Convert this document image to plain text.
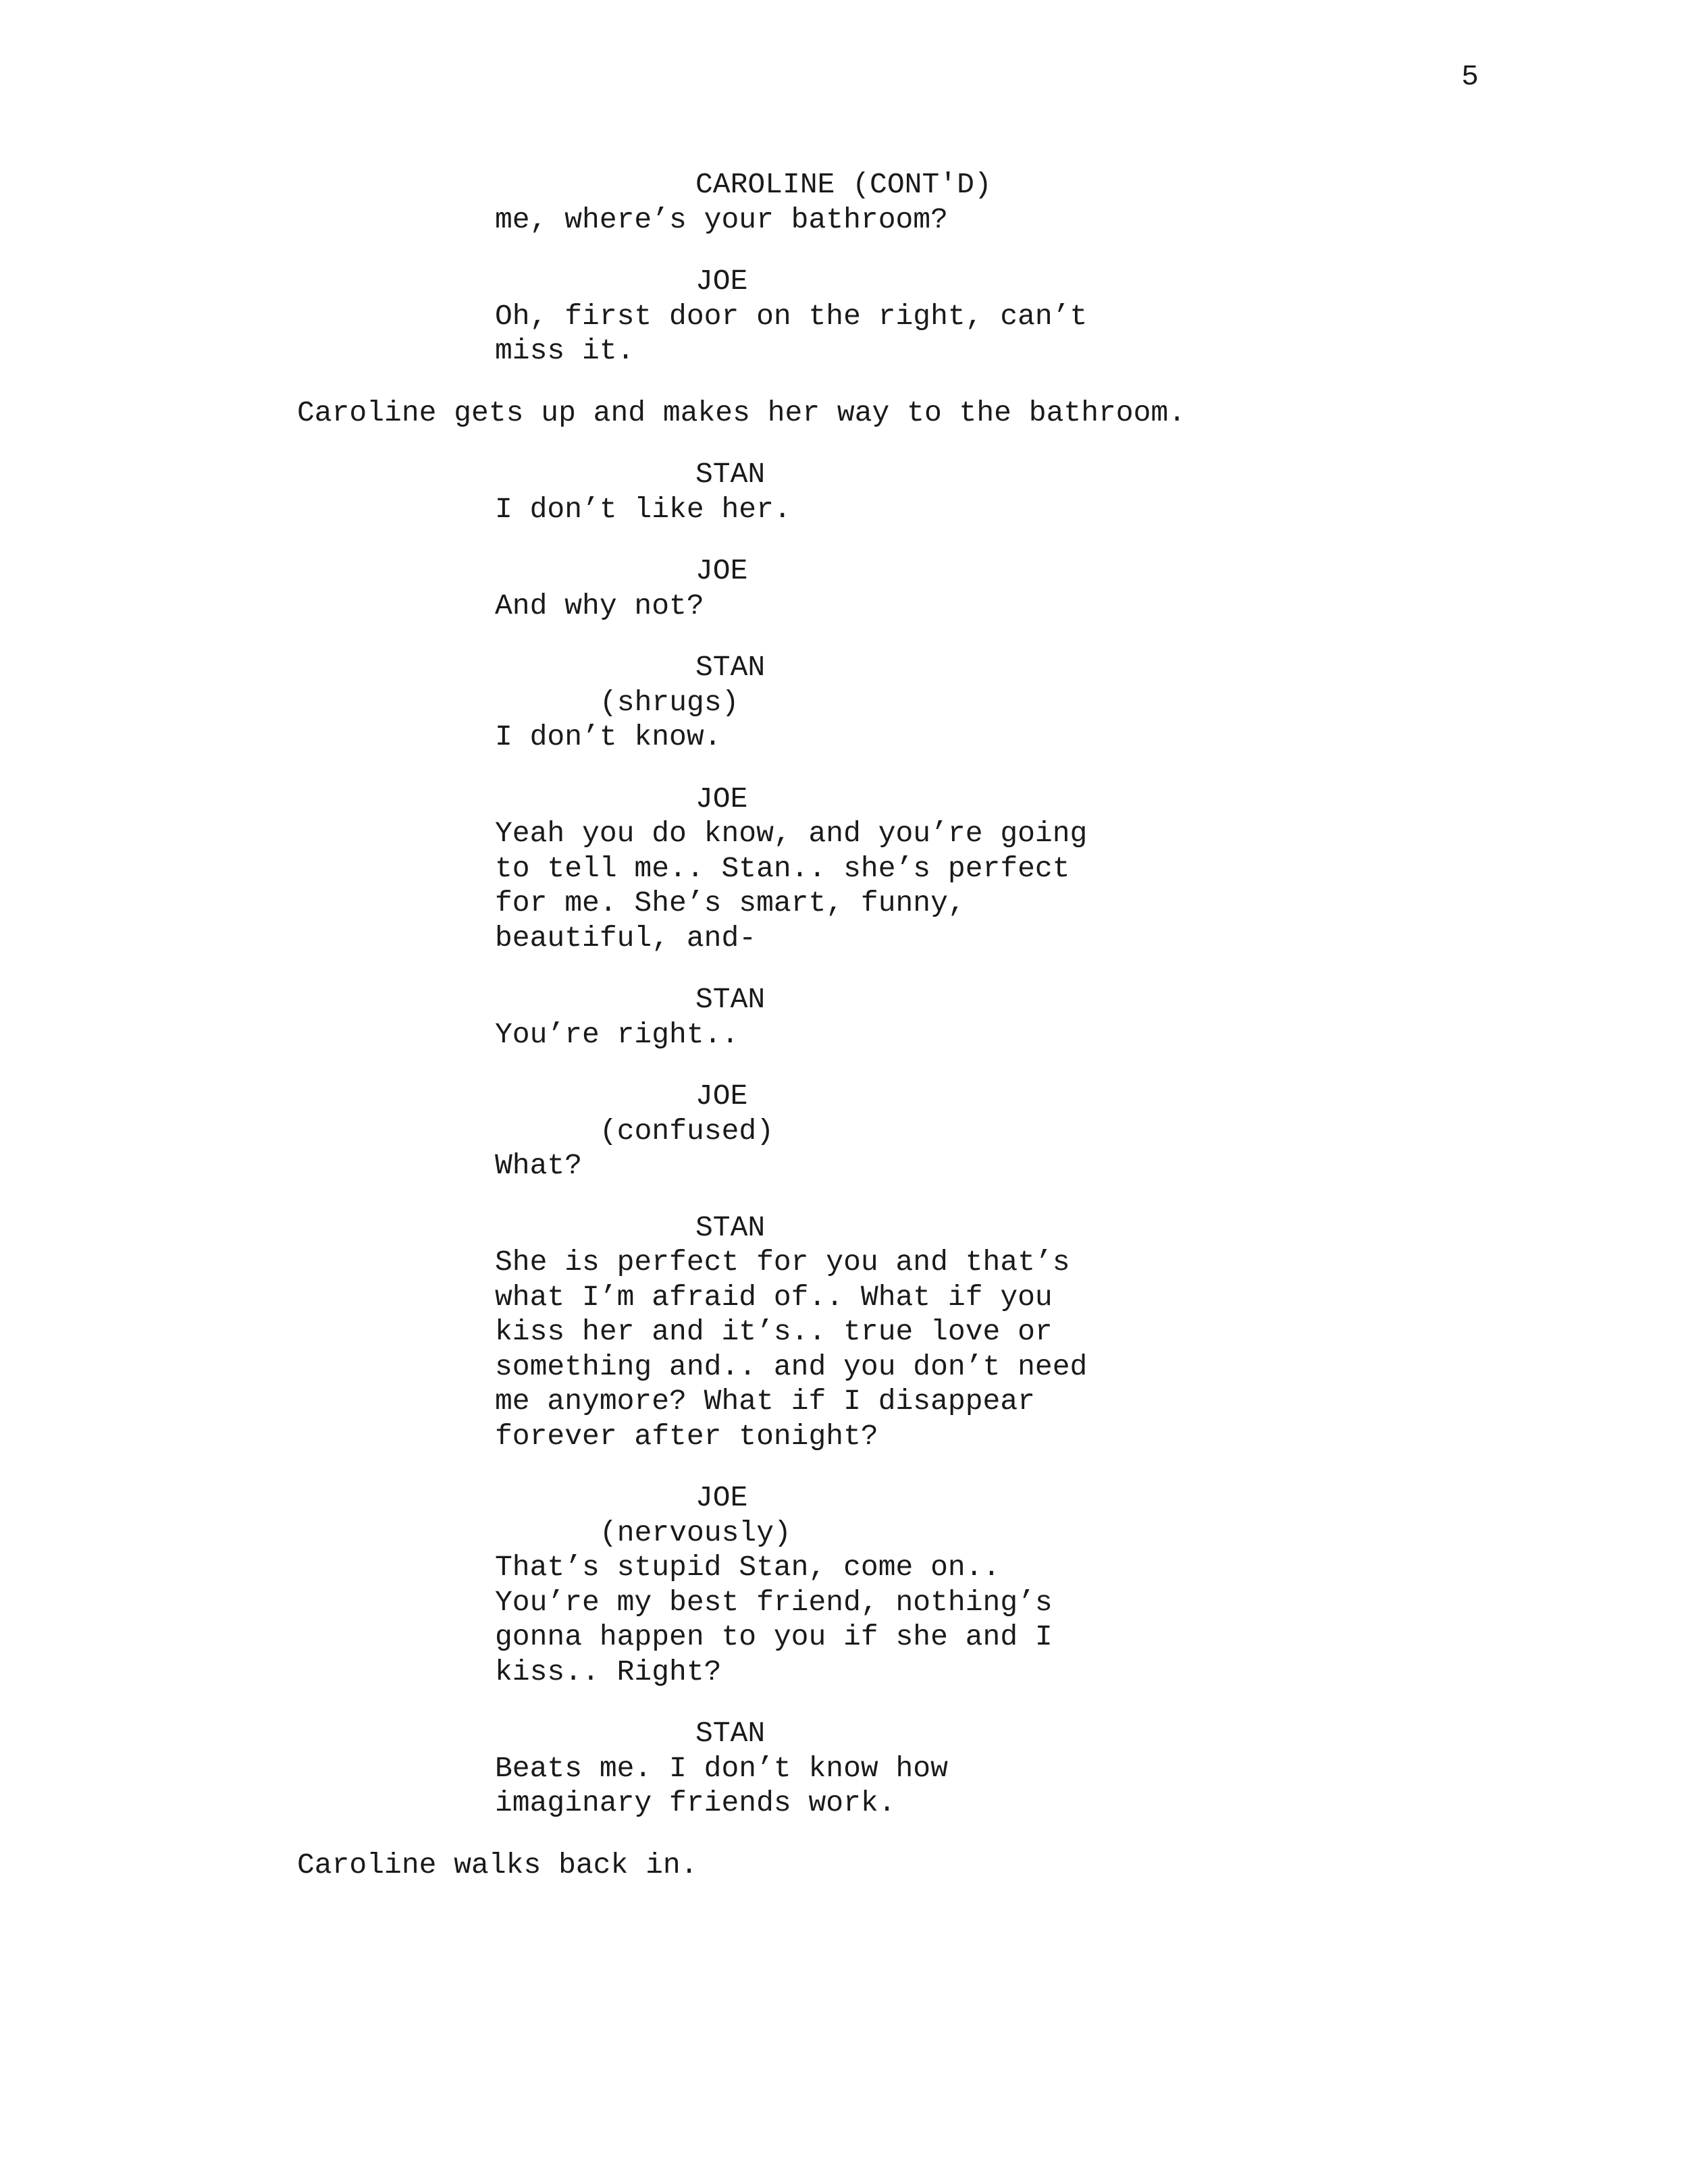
5

CAROLINE (CONT'D)

me, where’s your bathroom?

JOE

Oh, first door on the right, can’t

miss it.

Caroline gets up and makes her way to the bathroom.

STAN

I don’t like her.

JOE

And why not?

STAN

(shrugs)

I don’t know.

JOE

Yeah you do know, and you’re going

to tell me.. Stan.. she’s perfect

for me. She’s smart, funny,

beautiful, and-

STAN

You’re right..

JOE

(confused)

What?

STAN

She is perfect for you and that’s

what I’m afraid of.. What if you

kiss her and it’s.. true love or

something and.. and you don’t need

me anymore? What if I disappear

forever after tonight?

JOE

(nervously)

That’s stupid Stan, come on..

You’re my best friend, nothing’s

gonna happen to you if she and I

kiss.. Right?

STAN

Beats me. I don’t know how

imaginary friends work.

Caroline walks back in.
